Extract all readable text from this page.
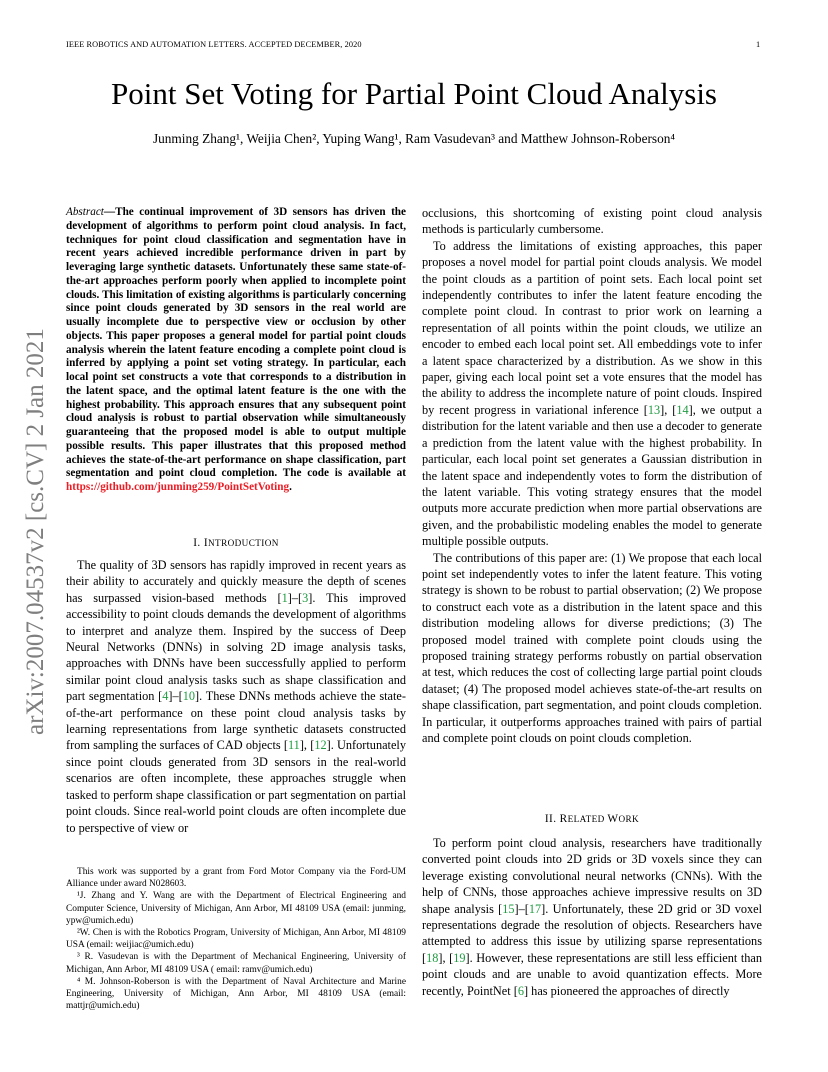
IEEE ROBOTICS AND AUTOMATION LETTERS. ACCEPTED DECEMBER, 2020	1
Point Set Voting for Partial Point Cloud Analysis
Junming Zhang¹, Weijia Chen², Yuping Wang¹, Ram Vasudevan³ and Matthew Johnson-Roberson⁴
arXiv:2007.04537v2 [cs.CV] 2 Jan 2021
Abstract—The continual improvement of 3D sensors has driven the development of algorithms to perform point cloud analysis. In fact, techniques for point cloud classification and segmentation have in recent years achieved incredible performance driven in part by leveraging large synthetic datasets. Unfortunately these same state-of-the-art approaches perform poorly when applied to incomplete point clouds. This limitation of existing algorithms is particularly concerning since point clouds generated by 3D sensors in the real world are usually incomplete due to perspective view or occlusion by other objects. This paper proposes a general model for partial point clouds analysis wherein the latent feature encoding a complete point cloud is inferred by applying a point set voting strategy. In particular, each local point set constructs a vote that corresponds to a distribution in the latent space, and the optimal latent feature is the one with the highest probability. This approach ensures that any subsequent point cloud analysis is robust to partial observation while simultaneously guaranteeing that the proposed model is able to output multiple possible results. This paper illustrates that this proposed method achieves the state-of-the-art performance on shape classification, part segmentation and point cloud completion. The code is available at https://github.com/junming259/PointSetVoting.
I. INTRODUCTION

The quality of 3D sensors has rapidly improved in recent years as their ability to accurately and quickly measure the depth of scenes has surpassed vision-based methods [1]–[3]. This improved accessibility to point clouds demands the development of algorithms to interpret and analyze them. Inspired by the success of Deep Neural Networks (DNNs) in solving 2D image analysis tasks, approaches with DNNs have been successfully applied to perform similar point cloud analysis tasks such as shape classification and part segmentation [4]–[10]. These DNNs methods achieve the state-of-the-art performance on these point cloud analysis tasks by learning representations from large synthetic datasets constructed from sampling the surfaces of CAD objects [11], [12]. Unfortunately since point clouds generated from 3D sensors in the real-world scenarios are often incomplete, these approaches struggle when tasked to perform shape classification or part segmentation on partial point clouds. Since real-world point clouds are often incomplete due to perspective of view or

This work was supported by a grant from Ford Motor Company via the Ford-UM Alliance under award N028603.

¹J. Zhang and Y. Wang are with the Department of Electrical Engineering and Computer Science, University of Michigan, Ann Arbor, MI 48109 USA (email: junming, ypw@umich.edu)

²W. Chen is with the Robotics Program, University of Michigan, Ann Arbor, MI 48109 USA (email: weijiac@umich.edu)

³ R. Vasudevan is with the Department of Mechanical Engineering, University of Michigan, Ann Arbor, MI 48109 USA ( email: ramv@umich.edu)

⁴ M. Johnson-Roberson is with the Department of Naval Architecture and Marine Engineering, University of Michigan, Ann Arbor, MI 48109 USA (email: mattjr@umich.edu)

occlusions, this shortcoming of existing point cloud analysis methods is particularly cumbersome.

To address the limitations of existing approaches, this paper proposes a novel model for partial point clouds analysis. We model the point clouds as a partition of point sets. Each local point set independently contributes to infer the latent feature encoding the complete point cloud. In contrast to prior work on learning a representation of all points within the point clouds, we utilize an encoder to embed each local point set. All embeddings vote to infer a latent space characterized by a distribution. As we show in this paper, giving each local point set a vote ensures that the model has the ability to address the incomplete nature of point clouds. Inspired by recent progress in variational inference [13], [14], we output a distribution for the latent variable and then use a decoder to generate a prediction from the latent value with the highest probability. In particular, each local point set generates a Gaussian distribution in the latent space and independently votes to form the distribution of the latent variable. This voting strategy ensures that the model outputs more accurate prediction when more partial observations are given, and the probabilistic modeling enables the model to generate multiple possible outputs.

The contributions of this paper are: (1) We propose that each local point set independently votes to infer the latent feature. This voting strategy is shown to be robust to partial observation; (2) We propose to construct each vote as a distribution in the latent space and this distribution modeling allows for diverse predictions; (3) The proposed model trained with complete point clouds using the proposed training strategy performs robustly on partial observation at test, which reduces the cost of collecting large partial point clouds dataset; (4) The proposed model achieves state-of-the-art results on shape classification, part segmentation, and point clouds completion. In particular, it outperforms approaches trained with pairs of partial and complete point clouds on point clouds completion.

II. RELATED WORK

To perform point cloud analysis, researchers have traditionally converted point clouds into 2D grids or 3D voxels since they can leverage existing convolutional neural networks (CNNs). With the help of CNNs, those approaches achieve impressive results on 3D shape analysis [15]–[17]. Unfortunately, these 2D grid or 3D voxel representations degrade the resolution of objects. Researchers have attempted to address this issue by utilizing sparse representations [18], [19]. However, these representations are still less efficient than point clouds and are unable to avoid quantization effects. More recently, PointNet [6] has pioneered the approaches of directly
